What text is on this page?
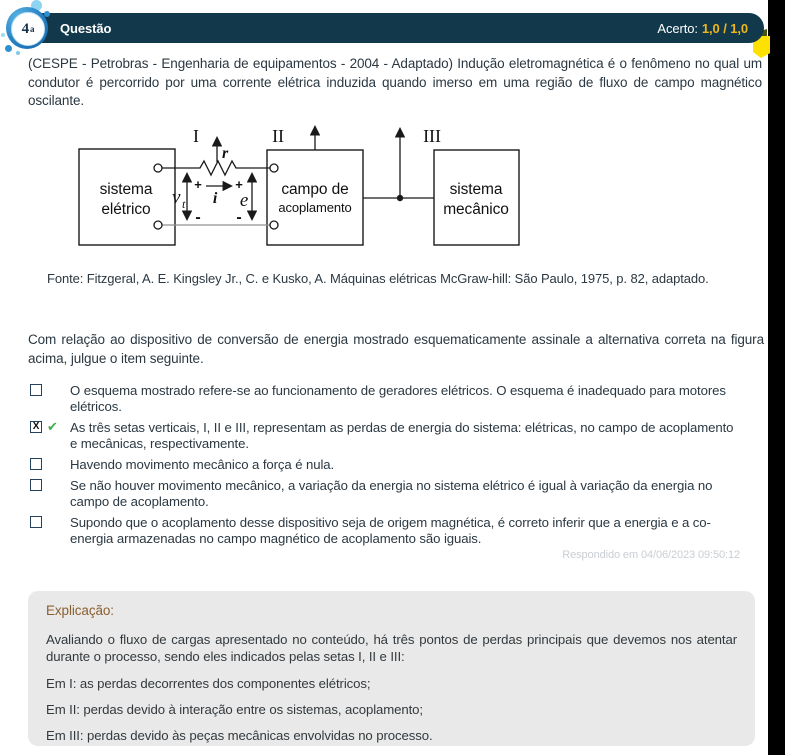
Questão	Acerto: 1,0 / 1,0
4 a
(CESPE - Petrobras - Engenharia de equipamentos - 2004 - Adaptado) Indução eletromagnética é o fenômeno no qual um condutor é percorrido por uma corrente elétrica induzida quando imerso em uma região de fluxo de campo magnético oscilante.
I	II	III
r
v t i e
+
-
+
-
sistema
elétrico
campo de
acoplamento
sistema
mecânico
Fonte: Fitzgeral, A. E. Kingsley Jr., C. e Kusko, A. Máquinas elétricas McGraw-hill: São Paulo, 1975, p. 82, adaptado.
Com relação ao dispositivo de conversão de energia mostrado esquematicamente assinale a alternativa correta na figura acima, julgue o item seguinte.
O esquema mostrado refere-se ao funcionamento de geradores elétricos. O esquema é inadequado para motores elétricos.
X ✔ As três setas verticais, I, II e III, representam as perdas de energia do sistema: elétricas, no campo de acoplamento e mecânicas, respectivamente.
Havendo movimento mecânico a força é nula.
Se não houver movimento mecânico, a variação da energia no sistema elétrico é igual à variação da energia no campo de acoplamento.
Supondo que o acoplamento desse dispositivo seja de origem magnética, é correto inferir que a energia e a co-energia armazenadas no campo magnético de acoplamento são iguais.
Respondido em 04/06/2023 09:50:12
Explicação:
Avaliando o fluxo de cargas apresentado no conteúdo, há três pontos de perdas principais que devemos nos atentar durante o processo, sendo eles indicados pelas setas I, II e III:
Em I: as perdas decorrentes dos componentes elétricos;
Em II: perdas devido à interação entre os sistemas, acoplamento;
Em III: perdas devido às peças mecânicas envolvidas no processo.
